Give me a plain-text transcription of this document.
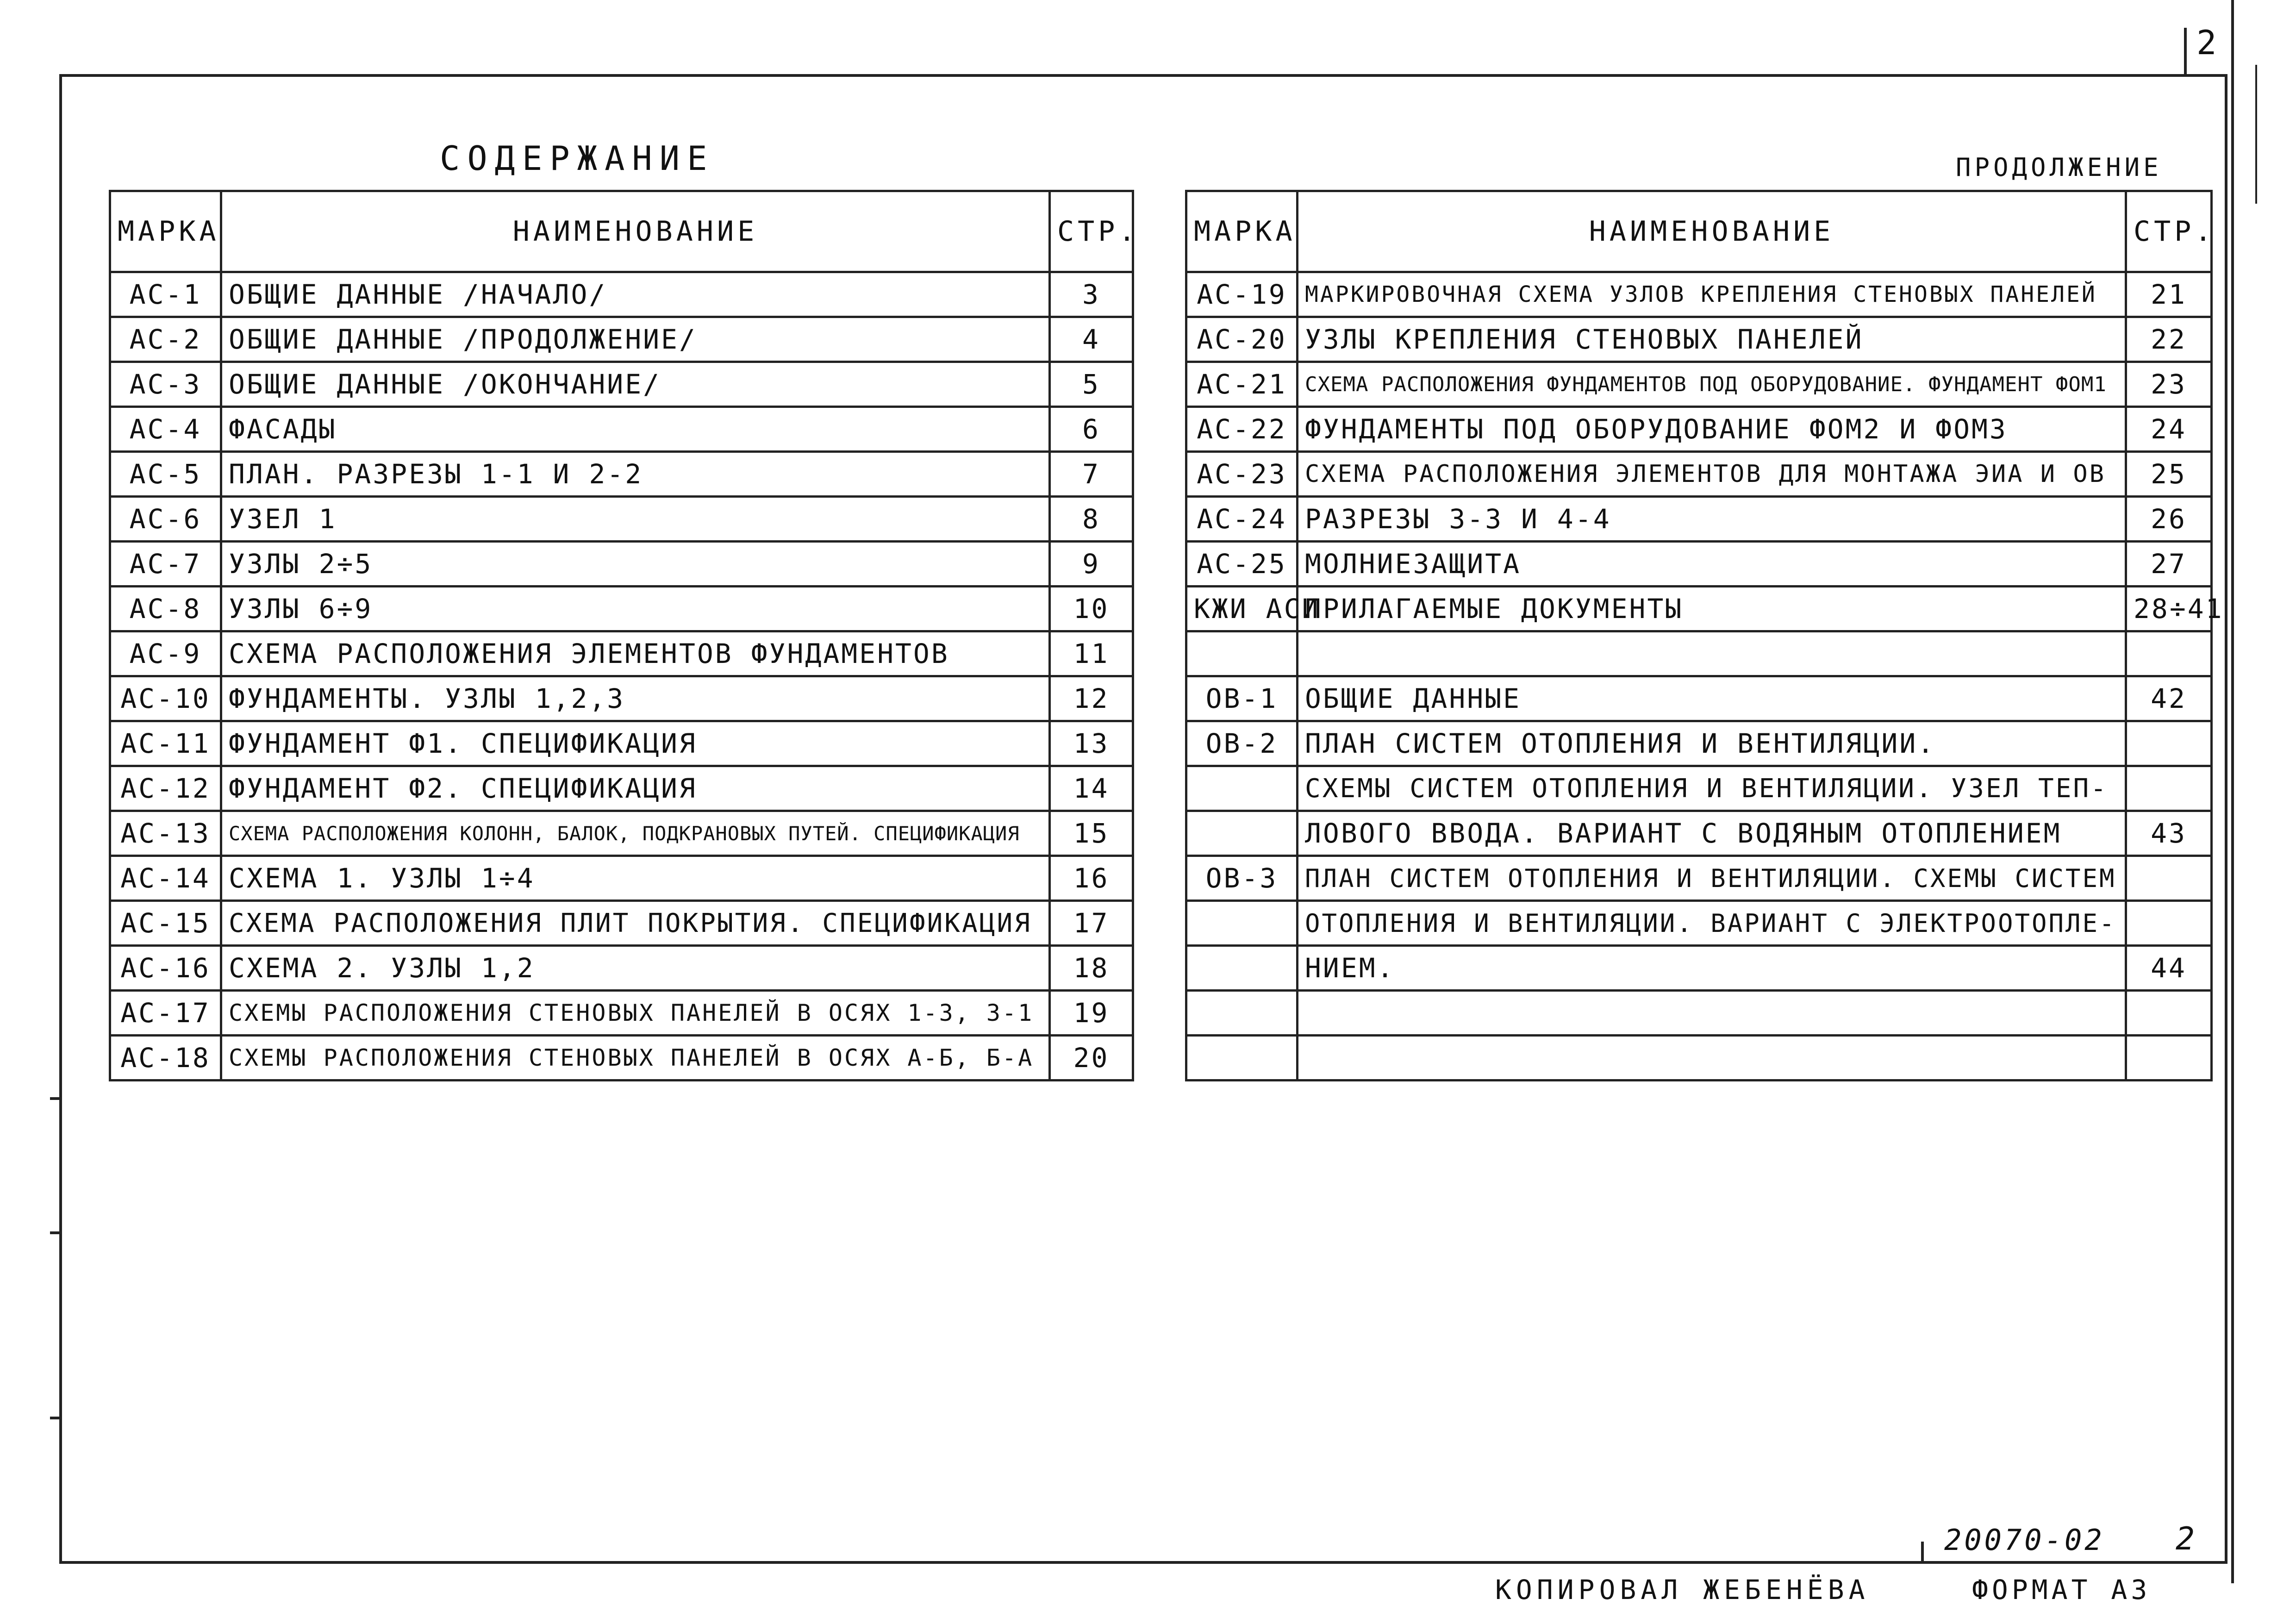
2
СОДЕРЖАНИЕ	ПРОДОЛЖЕНИЕ
МАРКА	НАИМЕНОВАНИЕ	СТР.
АС-1	ОБЩИЕ ДАННЫЕ /НАЧАЛО/	3
АС-2	ОБЩИЕ ДАННЫЕ /ПРОДОЛЖЕНИЕ/	4
АС-3	ОБЩИЕ ДАННЫЕ /ОКОНЧАНИЕ/	5
АС-4	ФАСАДЫ	6
АС-5	ПЛАН. РАЗРЕЗЫ 1-1 И 2-2	7
АС-6	УЗЕЛ 1	8
АС-7	УЗЛЫ 2÷5	9
АС-8	УЗЛЫ 6÷9	10
АС-9	СХЕМА РАСПОЛОЖЕНИЯ ЭЛЕМЕНТОВ ФУНДАМЕНТОВ	11
АС-10	ФУНДАМЕНТЫ. УЗЛЫ 1,2,3	12
АС-11	ФУНДАМЕНТ Ф1. СПЕЦИФИКАЦИЯ	13
АС-12	ФУНДАМЕНТ Ф2. СПЕЦИФИКАЦИЯ	14
АС-13	СХЕМА РАСПОЛОЖЕНИЯ КОЛОНН, БАЛОК, ПОДКРАНОВЫХ ПУТЕЙ. СПЕЦИФИКАЦИЯ	15
АС-14	СХЕМА 1. УЗЛЫ 1÷4	16
АС-15	СХЕМА РАСПОЛОЖЕНИЯ ПЛИТ ПОКРЫТИЯ. СПЕЦИФИКАЦИЯ	17
АС-16	СХЕМА 2. УЗЛЫ 1,2	18
АС-17	СХЕМЫ РАСПОЛОЖЕНИЯ СТЕНОВЫХ ПАНЕЛЕЙ В ОСЯХ 1-3, 3-1	19
АС-18	СХЕМЫ РАСПОЛОЖЕНИЯ СТЕНОВЫХ ПАНЕЛЕЙ В ОСЯХ А-Б, Б-А	20
МАРКА	НАИМЕНОВАНИЕ	СТР.
АС-19	МАРКИРОВОЧНАЯ СХЕМА УЗЛОВ КРЕПЛЕНИЯ СТЕНОВЫХ ПАНЕЛЕЙ	21
АС-20	УЗЛЫ КРЕПЛЕНИЯ СТЕНОВЫХ ПАНЕЛЕЙ	22
АС-21	СХЕМА РАСПОЛОЖЕНИЯ ФУНДАМЕНТОВ ПОД ОБОРУДОВАНИЕ. ФУНДАМЕНТ ФОМ1	23
АС-22	ФУНДАМЕНТЫ ПОД ОБОРУДОВАНИЕ ФОМ2 И ФОМ3	24
АС-23	СХЕМА РАСПОЛОЖЕНИЯ ЭЛЕМЕНТОВ ДЛЯ МОНТАЖА ЭИА И ОВ	25
АС-24	РАЗРЕЗЫ 3-3 И 4-4	26
АС-25	МОЛНИЕЗАЩИТА	27
КЖИ АСИ	ПРИЛАГАЕМЫЕ ДОКУМЕНТЫ	28÷41

ОВ-1	ОБЩИЕ ДАННЫЕ	42
ОВ-2	ПЛАН СИСТЕМ ОТОПЛЕНИЯ И ВЕНТИЛЯЦИИ.	
	СХЕМЫ СИСТЕМ ОТОПЛЕНИЯ И ВЕНТИЛЯЦИИ. УЗЕЛ ТЕП-	
	ЛОВОГО ВВОДА. ВАРИАНТ С ВОДЯНЫМ ОТОПЛЕНИЕМ	43
ОВ-3	ПЛАН СИСТЕМ ОТОПЛЕНИЯ И ВЕНТИЛЯЦИИ. СХЕМЫ СИСТЕМ	
	ОТОПЛЕНИЯ И ВЕНТИЛЯЦИИ. ВАРИАНТ С ЭЛЕКТРООТОПЛЕ-	
	НИЕМ.	44

20070-02 2
КОПИРОВАЛ ЖЕБЕНЁВА	ФОРМАТ А3
